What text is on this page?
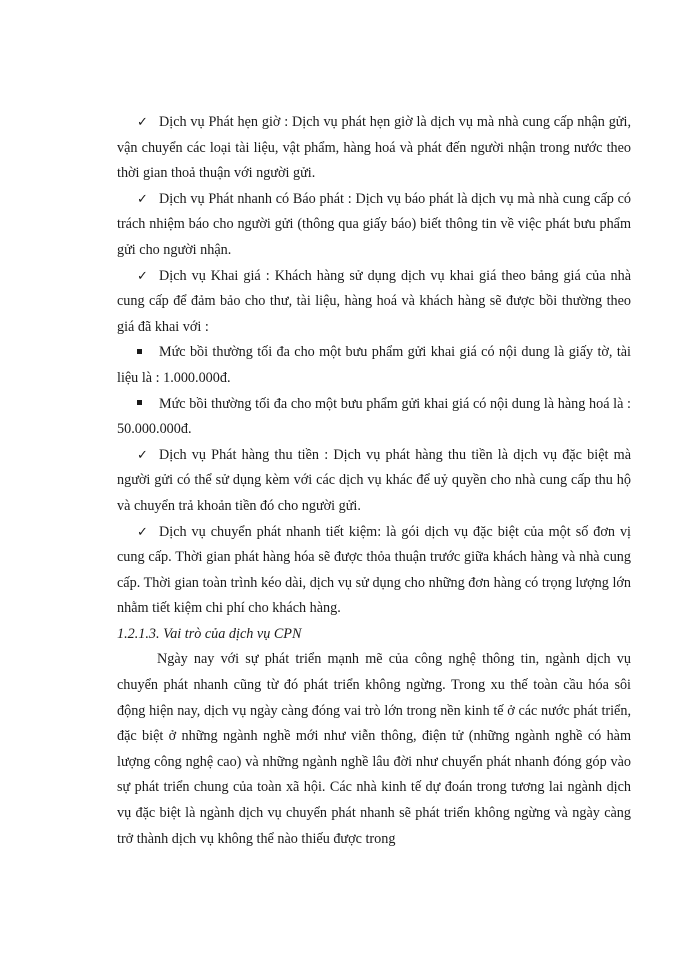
✓ Dịch vụ Phát hẹn giờ : Dịch vụ phát hẹn giờ là dịch vụ mà nhà cung cấp nhận gửi, vận chuyển các loại tài liệu, vật phẩm, hàng hoá và phát đến người nhận trong nước theo thời gian thoả thuận với người gửi.

✓ Dịch vụ Phát nhanh có Báo phát : Dịch vụ báo phát là dịch vụ mà nhà cung cấp có trách nhiệm báo cho người gửi (thông qua giấy báo) biết thông tin về việc phát bưu phẩm gửi cho người nhận.

✓ Dịch vụ Khai giá : Khách hàng sử dụng dịch vụ khai giá theo bảng giá của nhà cung cấp để đảm bảo cho thư, tài liệu, hàng hoá và khách hàng sẽ được bồi thường theo giá đã khai với :

Mức bồi thường tối đa cho một bưu phẩm gửi khai giá có nội dung là giấy tờ, tài liệu là : 1.000.000đ.

Mức bồi thường tối đa cho một bưu phẩm gửi khai giá có nội dung là hàng hoá là : 50.000.000đ.

✓ Dịch vụ Phát hàng thu tiền : Dịch vụ phát hàng thu tiền là dịch vụ đặc biệt mà người gửi có thể sử dụng kèm với các dịch vụ khác để uỷ quyền cho nhà cung cấp thu hộ và chuyển trả khoản tiền đó cho người gửi.

✓ Dịch vụ chuyển phát nhanh tiết kiệm: là gói dịch vụ đặc biệt của một số đơn vị cung cấp. Thời gian phát hàng hóa sẽ được thỏa thuận trước giữa khách hàng và nhà cung cấp. Thời gian toàn trình kéo dài, dịch vụ sử dụng cho những đơn hàng có trọng lượng lớn nhằm tiết kiệm chi phí cho khách hàng.

1.2.1.3. Vai trò của dịch vụ CPN

Ngày nay với sự phát triển mạnh mẽ của công nghệ thông tin, ngành dịch vụ chuyển phát nhanh cũng từ đó phát triển không ngừng. Trong xu thế toàn cầu hóa sôi động hiện nay, dịch vụ ngày càng đóng vai trò lớn trong nền kinh tế ở các nước phát triển, đặc biệt ở những ngành nghề mới như viễn thông, điện tử (những ngành nghề có hàm lượng công nghệ cao) và những ngành nghề lâu đời như chuyển phát nhanh đóng góp vào sự phát triển chung của toàn xã hội. Các nhà kinh tế dự đoán trong tương lai ngành dịch vụ đặc biệt là ngành dịch vụ chuyển phát nhanh sẽ phát triển không ngừng và ngày càng trở thành dịch vụ không thể nào thiếu được trong
